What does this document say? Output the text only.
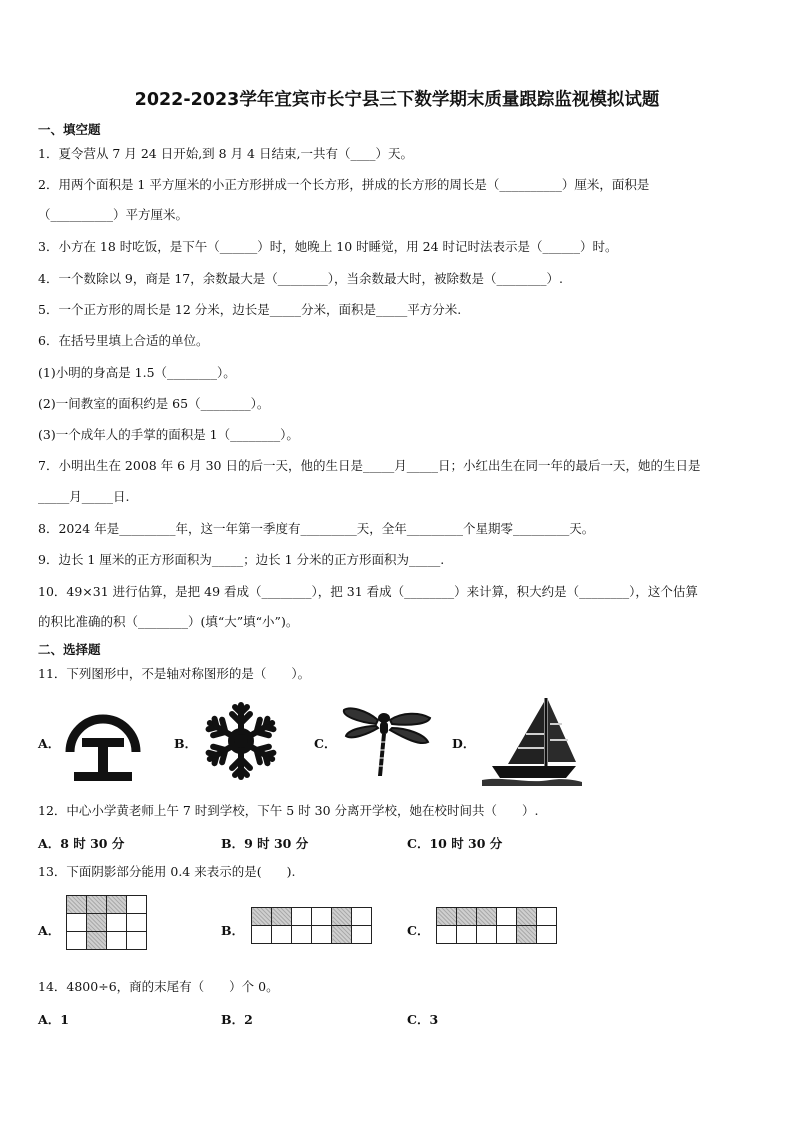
2022-2023学年宜宾市长宁县三下数学期末质量跟踪监视模拟试题
一、填空题
1．夏令营从 7 月 24 日开始,到 8 月 4 日结束,一共有（____）天。
2．用两个面积是 1 平方厘米的小正方形拼成一个长方形，拼成的长方形的周长是（__________）厘米，面积是
（__________）平方厘米。
3．小方在 18 时吃饭，是下午（______）时，她晚上 10 时睡觉，用 24 时记时法表示是（______）时。
4．一个数除以 9，商是 17，余数最大是（________），当余数最大时，被除数是（________）.
5．一个正方形的周长是 12 分米，边长是_____分米，面积是_____平方分米.
6．在括号里填上合适的单位。
(1)小明的身高是 1.5（________）。
(2)一间教室的面积约是 65（________）。
(3)一个成年人的手掌的面积是 1（________）。
7．小明出生在 2008 年 6 月 30 日的后一天，他的生日是_____月_____日；小红出生在同一年的最后一天，她的生日是
_____月_____日.
8．2024 年是_________年，这一年第一季度有_________天，全年_________个星期零_________天。
9．边长 1 厘米的正方形面积为_____；边长 1 分米的正方形面积为_____.
10．49×31 进行估算，是把 49 看成（________），把 31 看成（________）来计算，积大约是（________），这个估算
的积比准确的积（________）(填“大”填“小”)。
二、选择题
11．下列图形中，不是轴对称图形的是（　　）。
A．	B．	C．	D．
12．中心小学黄老师上午 7 时到学校，下午 5 时 30 分离开学校，她在校时间共（　　）.
A．8 时 30 分	B．9 时 30 分	C．10 时 30 分
13．下面阴影部分能用 0.4 来表示的是(　　).
A．

				B．

						C．

14．4800÷6，商的末尾有（　　）个 0。
A．1	B．2	C．3
